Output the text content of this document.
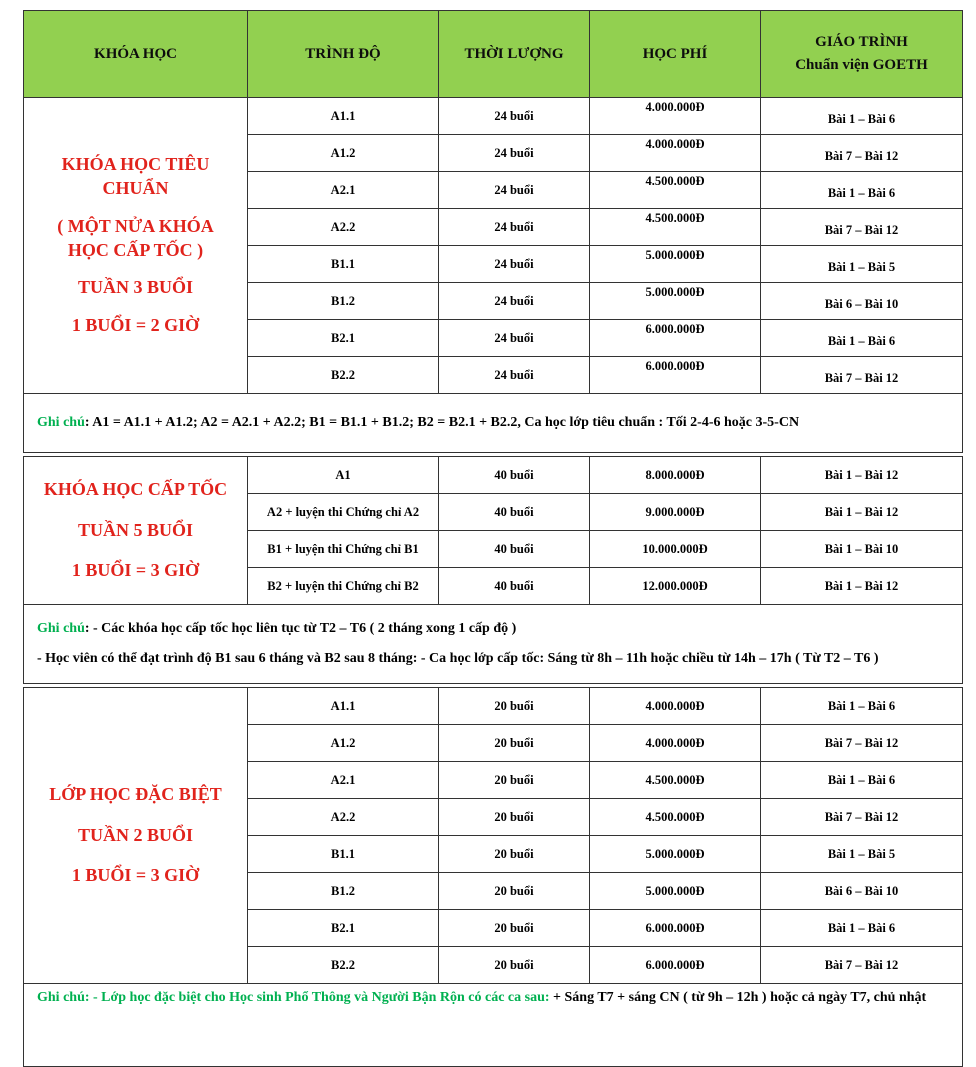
KHÓA HỌC	TRÌNH ĐỘ	THỜI LƯỢNG	HỌC PHÍ	GIÁO TRÌNH
Chuẩn viện GOETH

KHÓA HỌC TIÊU CHUẨN
( MỘT NỬA KHÓA HỌC CẤP TỐC )
TUẦN 3 BUỔI
1 BUỔI = 2 GIỜ	A1.1	24 buổi	4.000.000Đ	Bài 1 – Bài 6
	A1.2	24 buổi	4.000.000Đ	Bài 7 – Bài 12
	A2.1	24 buổi	4.500.000Đ	Bài 1 – Bài 6
	A2.2	24 buổi	4.500.000Đ	Bài 7 – Bài 12
	B1.1	24 buổi	5.000.000Đ	Bài 1 – Bài 5
	B1.2	24 buổi	5.000.000Đ	Bài 6 – Bài 10
	B2.1	24 buổi	6.000.000Đ	Bài 1 – Bài 6
	B2.2	24 buổi	6.000.000Đ	Bài 7 – Bài 12
Ghi chú: A1 = A1.1 + A1.2; A2 = A2.1 + A2.2; B1 = B1.1 + B1.2; B2 = B2.1 + B2.2, Ca học lớp tiêu chuẩn : Tối 2-4-6 hoặc 3-5-CN				
KHÓA HỌC CẤP TỐC
TUẦN 5 BUỔI
1 BUỔI = 3 GIỜ	A1	40 buổi	8.000.000Đ	Bài 1 – Bài 12
	A2 + luyện thi Chứng chỉ A2	40 buổi	9.000.000Đ	Bài 1 – Bài 12
	B1 + luyện thi Chứng chỉ B1	40 buổi	10.000.000Đ	Bài 1 – Bài 10
	B2 + luyện thi Chứng chỉ B2	40 buổi	12.000.000Đ	Bài 1 – Bài 12

Ghi chú: - Các khóa học cấp tốc học liên tục từ T2 – T6 ( 2 tháng xong 1 cấp độ )
- Học viên có thể đạt trình độ B1 sau 6 tháng và B2 sau 8 tháng: - Ca học lớp cấp tốc: Sáng từ 8h – 11h hoặc chiều từ 14h – 17h ( Từ T2 – T6 )				
LỚP HỌC ĐẶC BIỆT
TUẦN 2 BUỔI
1 BUỔI = 3 GIỜ	A1.1	20 buổi	4.000.000Đ	Bài 1 – Bài 6
	A1.2	20 buổi	4.000.000Đ	Bài 7 – Bài 12
	A2.1	20 buổi	4.500.000Đ	Bài 1 – Bài 6
	A2.2	20 buổi	4.500.000Đ	Bài 7 – Bài 12
	B1.1	20 buổi	5.000.000Đ	Bài 1 – Bài 5
	B1.2	20 buổi	5.000.000Đ	Bài 6 – Bài 10
	B2.1	20 buổi	6.000.000Đ	Bài 1 – Bài 6
	B2.2	20 buổi	6.000.000Đ	Bài 7 – Bài 12
Ghi chú: - Lớp học đặc biệt cho Học sinh Phổ Thông và Người Bận Rộn có các ca sau: + Sáng T7 + sáng CN ( từ 9h – 12h ) hoặc cả ngày T7, chủ nhật				
